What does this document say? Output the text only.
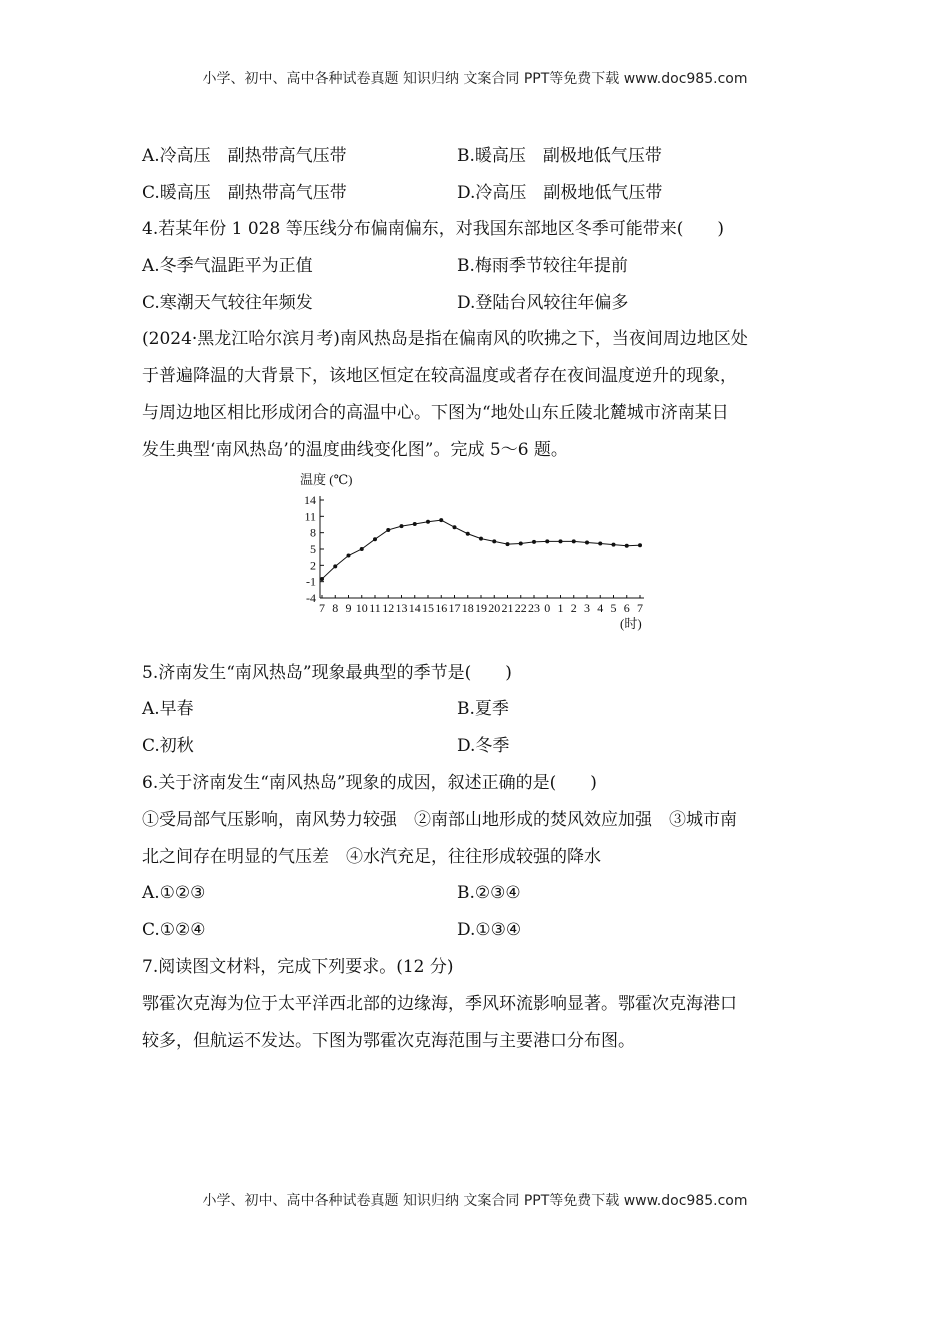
小学、初中、高中各种试卷真题 知识归纳 文案合同 PPT等免费下载 www.doc985.com
A.冷高压　副热带高气压带	B.暖高压　副极地低气压带
C.暖高压　副热带高气压带	D.冷高压　副极地低气压带
4.若某年份 1 028 等压线分布偏南偏东，对我国东部地区冬季可能带来(　　)
A.冬季气温距平为正值	B.梅雨季节较往年提前
C.寒潮天气较往年频发	D.登陆台风较往年偏多
(2024·黑龙江哈尔滨月考)南风热岛是指在偏南风的吹拂之下，当夜间周边地区处
于普遍降温的大背景下，该地区恒定在较高温度或者存在夜间温度逆升的现象，
与周边地区相比形成闭合的高温中心。下图为“地处山东丘陵北麓城市济南某日
发生典型‘南风热岛’的温度曲线变化图”。完成 5～6 题。
温度 (℃)
14
11
8
5
2
-1
-4
7 8 9 10 11 12 13 14 15 16 17 18 19 20 21 22 23 0 1 2 3 4 5 6 7
(时)
5.济南发生“南风热岛”现象最典型的季节是(　　)
A.早春	B.夏季
C.初秋	D.冬季
6.关于济南发生“南风热岛”现象的成因，叙述正确的是(　　)
①受局部气压影响，南风势力较强　②南部山地形成的焚风效应加强　③城市南
北之间存在明显的气压差　④水汽充足，往往形成较强的降水
A.①②③	B.②③④
C.①②④	D.①③④
7.阅读图文材料，完成下列要求。(12 分)
鄂霍次克海为位于太平洋西北部的边缘海，季风环流影响显著。鄂霍次克海港口
较多，但航运不发达。下图为鄂霍次克海范围与主要港口分布图。
小学、初中、高中各种试卷真题 知识归纳 文案合同 PPT等免费下载 www.doc985.com
